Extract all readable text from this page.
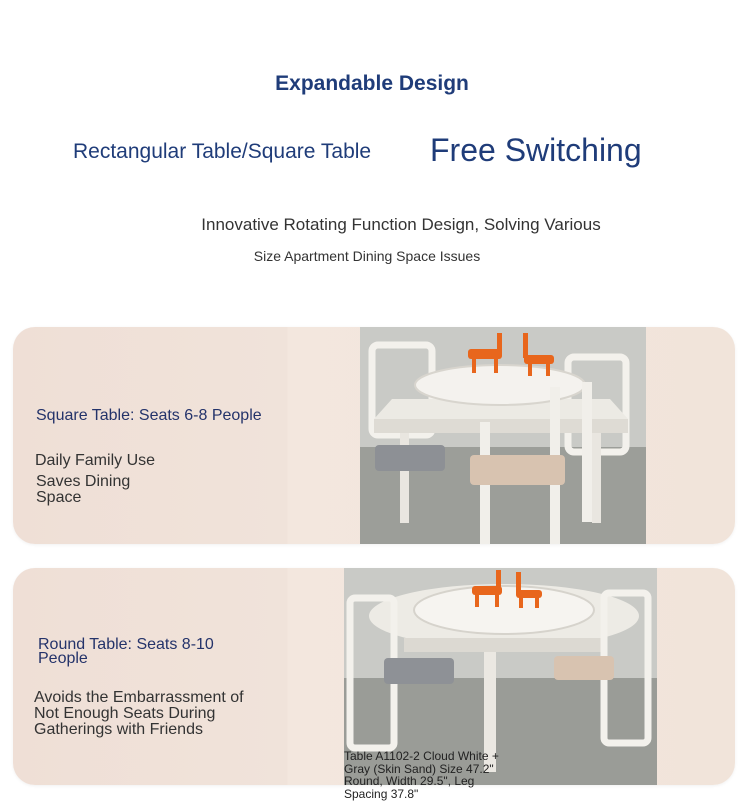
Expandable Design
Rectangular Table/Square Table Free Switching
Innovative Rotating Function Design, Solving Various
Size Apartment Dining Space Issues
Square Table: Seats 6-8 People
Daily Family Use
Saves Dining Space
Round Table: Seats 8-10 People
Avoids the Embarrassment of Not Enough Seats During Gatherings with Friends
Table A1102-2 Cloud White + Gray (Skin Sand) Size 47.2" Round, Width 29.5", Leg Spacing 37.8"
